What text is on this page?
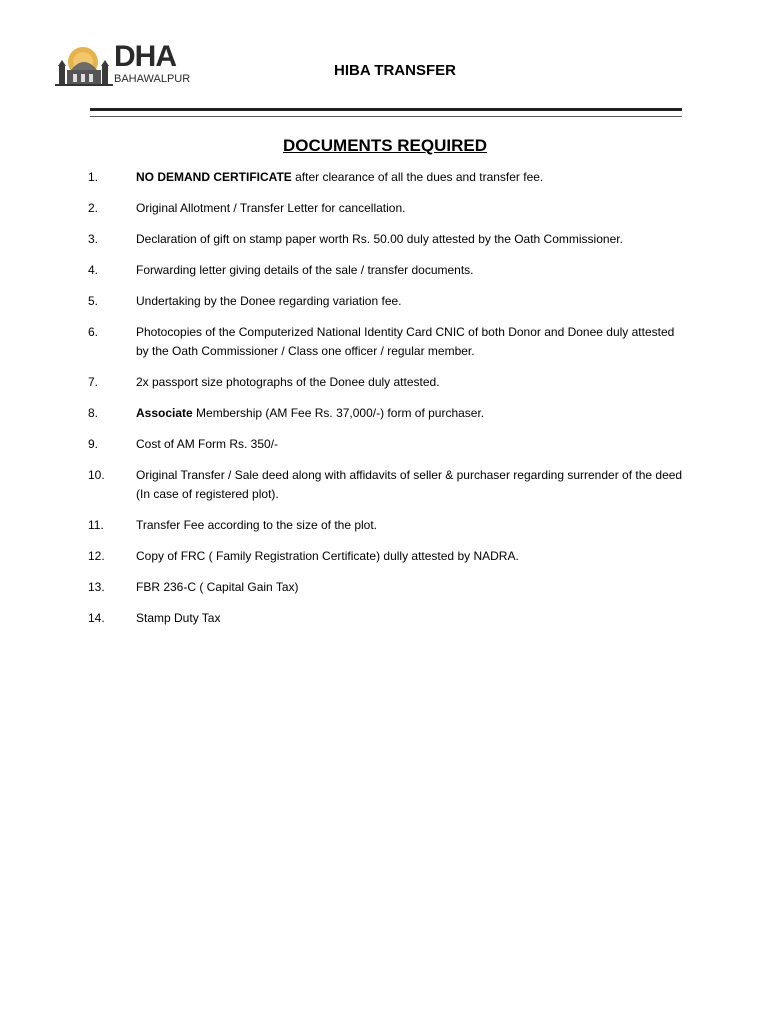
DHA
BAHAWALPUR	HIBA TRANSFER
DOCUMENTS REQUIRED
1.	NO DEMAND CERTIFICATE after clearance of all the dues and transfer fee.
2.	Original Allotment / Transfer Letter for cancellation.
3.	Declaration of gift on stamp paper worth Rs. 50.00 duly attested by the Oath Commissioner.
4.	Forwarding letter giving details of the sale / transfer documents.
5.	Undertaking by the Donee regarding variation fee.
6.	Photocopies of the Computerized National Identity Card CNIC of both Donor and Donee duly attested by the Oath Commissioner / Class one officer / regular member.
7.	2x passport size photographs of the Donee duly attested.
8.	Associate Membership (AM Fee Rs. 37,000/-) form of purchaser.
9.	Cost of AM Form Rs. 350/-
10.	Original Transfer / Sale deed along with affidavits of seller & purchaser regarding surrender of the deed (In case of registered plot).
11.	Transfer Fee according to the size of the plot.
12.	Copy of FRC ( Family Registration Certificate) dully attested by NADRA.
13.	FBR 236-C ( Capital Gain Tax)
14.	Stamp Duty Tax
